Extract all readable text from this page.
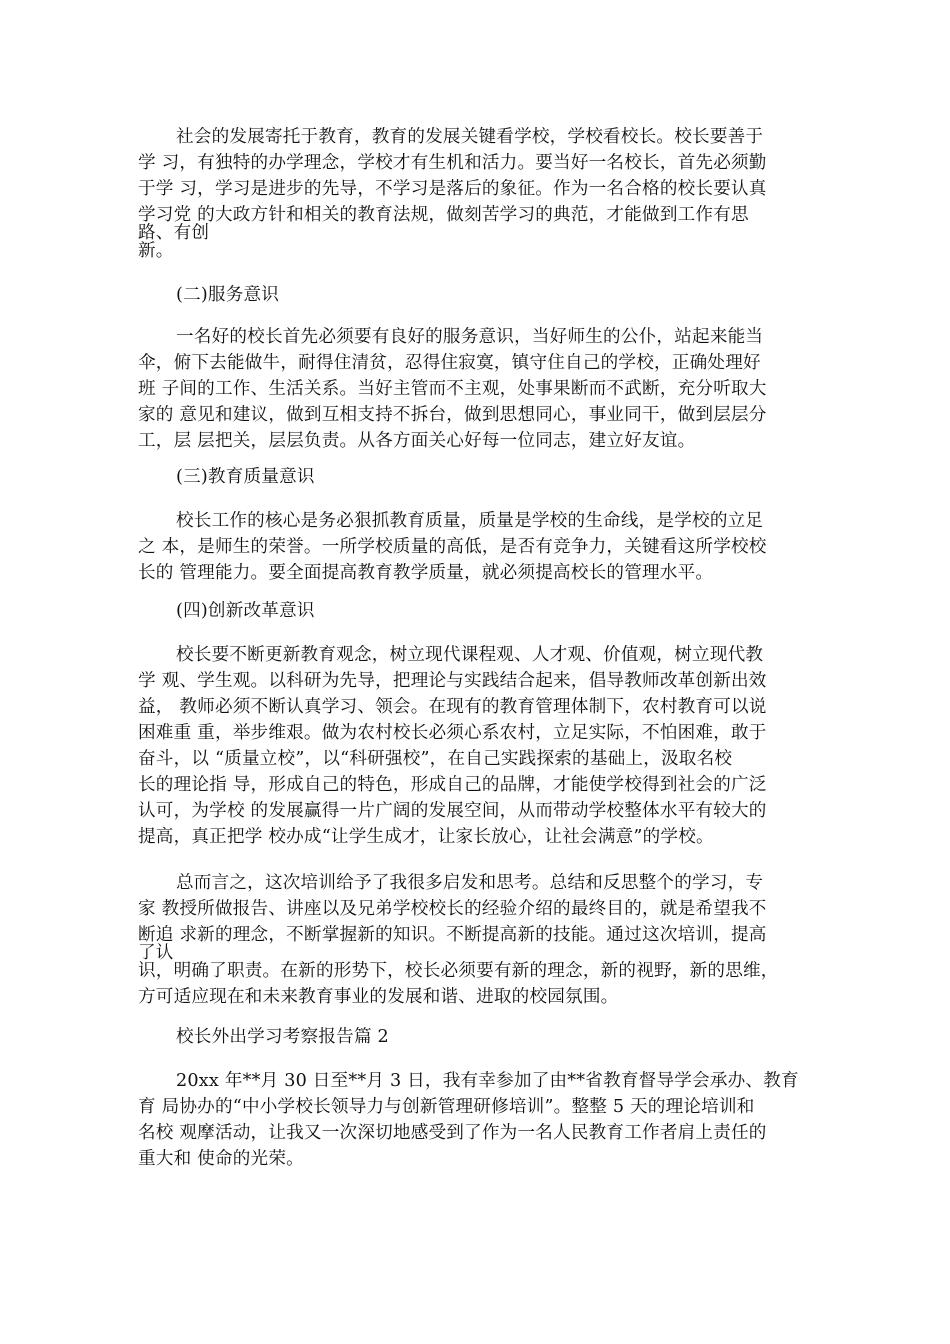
社会的发展寄托于教育，教育的发展关键看学校，学校看校长。校长要善于
学 习，有独特的办学理念，学校才有生机和活力。要当好一名校长，首先必须勤
于学 习，学习是进步的先导，不学习是落后的象征。作为一名合格的校长要认真
学习党 的大政方针和相关的教育法规，做刻苦学习的典范，才能做到工作有思
路、有创
新。
(二)服务意识
一名好的校长首先必须要有良好的服务意识，当好师生的公仆，站起来能当
伞，俯下去能做牛，耐得住清贫，忍得住寂寞，镇守住自己的学校，正确处理好
班 子间的工作、生活关系。当好主管而不主观，处事果断而不武断，充分听取大
家的 意见和建议，做到互相支持不拆台，做到思想同心，事业同干，做到层层分
工，层 层把关，层层负责。从各方面关心好每一位同志，建立好友谊。
(三)教育质量意识
校长工作的核心是务必狠抓教育质量，质量是学校的生命线，是学校的立足
之 本，是师生的荣誉。一所学校质量的高低，是否有竞争力，关键看这所学校校
长的 管理能力。要全面提高教育教学质量，就必须提高校长的管理水平。
(四)创新改革意识
校长要不断更新教育观念，树立现代课程观、人才观、价值观，树立现代教
学 观、学生观。以科研为先导，把理论与实践结合起来，倡导教师改革创新出效
益， 教师必须不断认真学习、领会。在现有的教育管理体制下，农村教育可以说
困难重 重，举步维艰。做为农村校长必须心系农村，立足实际，不怕困难，敢于
奋斗，以 “质量立校”，以“科研强校”，在自己实践探索的基础上，汲取名校
长的理论指 导，形成自己的特色，形成自己的品牌，才能使学校得到社会的广泛
认可，为学校 的发展赢得一片广阔的发展空间，从而带动学校整体水平有较大的
提高，真正把学 校办成“让学生成才，让家长放心，让社会满意”的学校。
总而言之，这次培训给予了我很多启发和思考。总结和反思整个的学习，专
家 教授所做报告、讲座以及兄弟学校校长的经验介绍的最终目的，就是希望我不
断追 求新的理念，不断掌握新的知识。不断提高新的技能。通过这次培训，提高
了认
识，明确了职责。在新的形势下，校长必须要有新的理念，新的视野，新的思维，
方可适应现在和未来教育事业的发展和谐、进取的校园氛围。
校长外出学习考察报告篇 2
20xx 年**月 30 日至**月 3 日，我有幸参加了由**省教育督导学会承办、教育
育 局协办的“中小学校长领导力与创新管理研修培训”。整整 5 天的理论培训和
名校 观摩活动，让我又一次深切地感受到了作为一名人民教育工作者肩上责任的
重大和 使命的光荣。
